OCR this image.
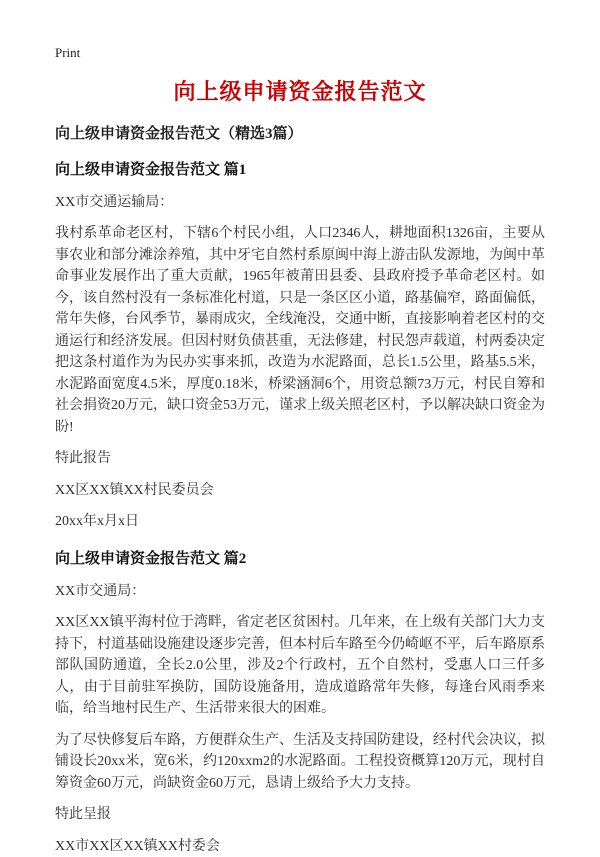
Print
向上级申请资金报告范文
向上级申请资金报告范文（精选3篇）
向上级申请资金报告范文 篇1

XX市交通运输局：

我村系革命老区村，下辖6个村民小组，人口2346人，耕地面积1326亩，主要从事农业和部分滩涂养殖，其中牙宅自然村系原闽中海上游击队发源地，为闽中革命事业发展作出了重大贡献，1965年被莆田县委、县政府授予革命老区村。如今，该自然村没有一条标准化村道，只是一条区区小道，路基偏窄，路面偏低，常年失修，台风季节，暴雨成灾，全线淹没，交通中断，直接影响着老区村的交通运行和经济发展。但因村财负债甚重，无法修建，村民怨声载道，村两委决定把这条村道作为为民办实事来抓，改造为水泥路面，总长1.5公里，路基5.5米，水泥路面宽度4.5米，厚度0.18米，桥梁涵洞6个，用资总额73万元，村民自筹和社会捐资20万元，缺口资金53万元，谨求上级关照老区村，予以解决缺口资金为盼!

特此报告

XX区XX镇XX村民委员会

20xx年x月x日

向上级申请资金报告范文 篇2

XX市交通局：

XX区XX镇平海村位于湾畔，省定老区贫困村。几年来，在上级有关部门大力支持下，村道基础设施建设逐步完善，但本村后车路至今仍崎岖不平，后车路原系部队国防通道，全长2.0公里，涉及2个行政村，五个自然村，受惠人口三仟多人，由于目前驻军换防，国防设施备用，造成道路常年失修，每逢台风雨季来临，给当地村民生产、生活带来很大的困难。

为了尽快修复后车路，方便群众生产、生活及支持国防建设，经村代会决议，拟铺设长20xx米，宽6米，约120xxm2的水泥路面。工程投资概算120万元，现村自筹资金60万元，尚缺资金60万元，恳请上级给予大力支持。

特此呈报

XX市XX区XX镇XX村委会
